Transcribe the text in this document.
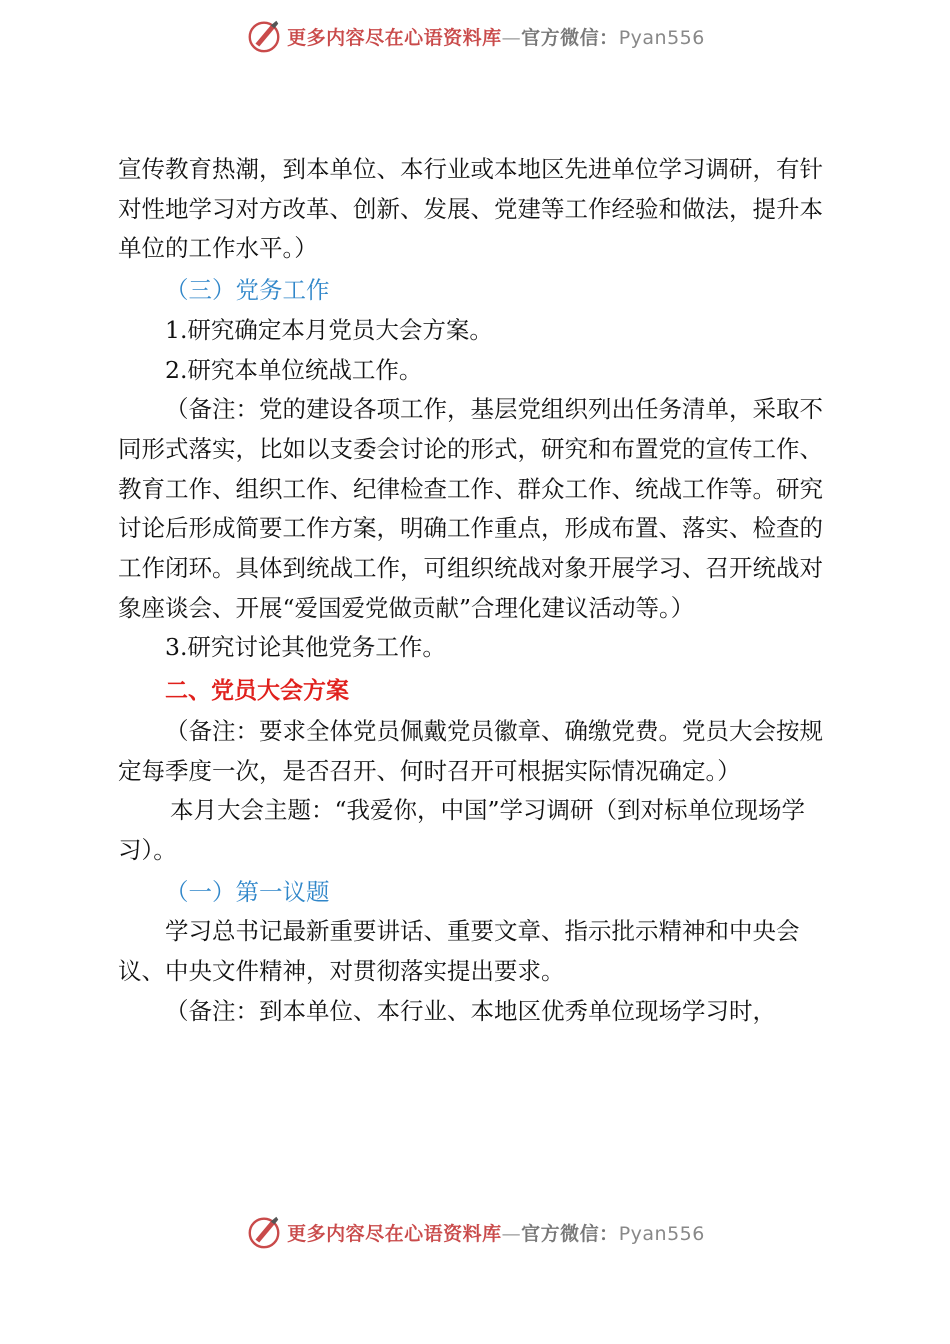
更多内容尽在心语资料库—官方微信：Pyan556

宣传教育热潮，到本单位、本行业或本地区先进单位学习调研，有针对性地学习对方改革、创新、发展、党建等工作经验和做法，提升本单位的工作水平。）

（三）党务工作

1.研究确定本月党员大会方案。

2.研究本单位统战工作。

（备注：党的建设各项工作，基层党组织列出任务清单，采取不同形式落实，比如以支委会讨论的形式，研究和布置党的宣传工作、教育工作、组织工作、纪律检查工作、群众工作、统战工作等。研究讨论后形成简要工作方案，明确工作重点，形成布置、落实、检查的工作闭环。具体到统战工作，可组织统战对象开展学习、召开统战对象座谈会、开展“爱国爱党做贡献”合理化建议活动等。）

3.研究讨论其他党务工作。

二、党员大会方案

（备注：要求全体党员佩戴党员徽章、确缴党费。党员大会按规定每季度一次，是否召开、何时召开可根据实际情况确定。）

本月大会主题：“我爱你，中国”学习调研（到对标单位现场学习）。

（一）第一议题

学习总书记最新重要讲话、重要文章、指示批示精神和中央会议、中央文件精神，对贯彻落实提出要求。

（备注：到本单位、本行业、本地区优秀单位现场学习时，

更多内容尽在心语资料库—官方微信：Pyan556
